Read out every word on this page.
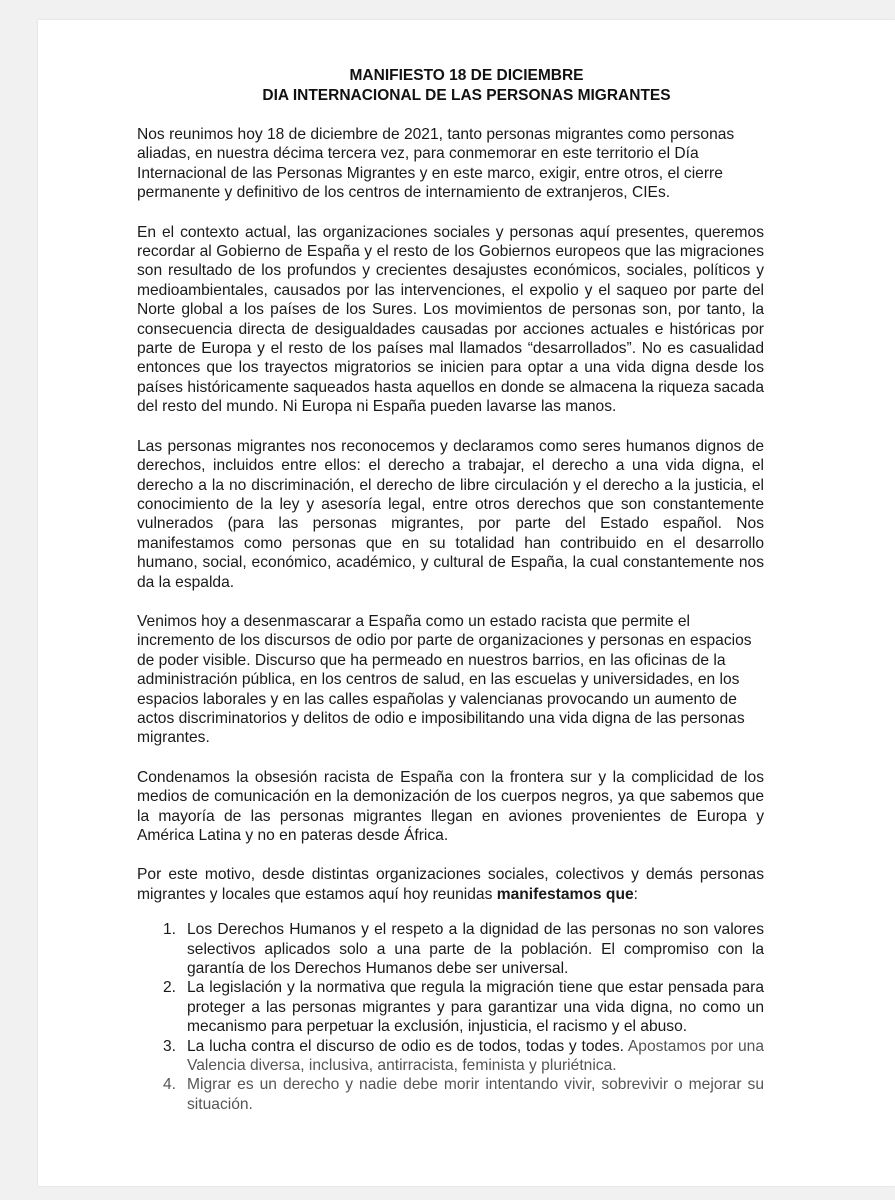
MANIFIESTO 18 DE DICIEMBRE
DIA INTERNACIONAL DE LAS PERSONAS MIGRANTES

Nos reunimos hoy 18 de diciembre de 2021, tanto personas migrantes como personas aliadas, en nuestra décima tercera vez, para conmemorar en este territorio el Día Internacional de las Personas Migrantes y en este marco, exigir, entre otros, el cierre permanente y definitivo de los centros de internamiento de extranjeros, CIEs.

En el contexto actual, las organizaciones sociales y personas aquí presentes, queremos recordar al Gobierno de España y el resto de los Gobiernos europeos que las migraciones son resultado de los profundos y crecientes desajustes económicos, sociales, políticos y medioambientales, causados por las intervenciones, el expolio y el saqueo por parte del Norte global a los países de los Sures. Los movimientos de personas son, por tanto, la consecuencia directa de desigualdades causadas por acciones actuales e históricas por parte de Europa y el resto de los países mal llamados “desarrollados”. No es casualidad entonces que los trayectos migratorios se inicien para optar a una vida digna desde los países históricamente saqueados hasta aquellos en donde se almacena la riqueza sacada del resto del mundo. Ni Europa ni España pueden lavarse las manos.

Las personas migrantes nos reconocemos y declaramos como seres humanos dignos de derechos, incluidos entre ellos: el derecho a trabajar, el derecho a una vida digna, el derecho a la no discriminación, el derecho de libre circulación y el derecho a la justicia, el conocimiento de la ley y asesoría legal, entre otros derechos que son constantemente vulnerados (para las personas migrantes, por parte del Estado español. Nos manifestamos como personas que en su totalidad han contribuido en el desarrollo humano, social, económico, académico, y cultural de España, la cual constantemente nos da la espalda.

Venimos hoy a desenmascarar a España como un estado racista que permite el incremento de los discursos de odio por parte de organizaciones y personas en espacios de poder visible. Discurso que ha permeado en nuestros barrios, en las oficinas de la administración pública, en los centros de salud, en las escuelas y universidades, en los espacios laborales y en las calles españolas y valencianas provocando un aumento de actos discriminatorios y delitos de odio e imposibilitando una vida digna de las personas migrantes.

Condenamos la obsesión racista de España con la frontera sur y la complicidad de los medios de comunicación en la demonización de los cuerpos negros, ya que sabemos que la mayoría de las personas migrantes llegan en aviones provenientes de Europa y América Latina y no en pateras desde África.

Por este motivo, desde distintas organizaciones sociales, colectivos y demás personas migrantes y locales que estamos aquí hoy reunidas manifestamos que:

1. Los Derechos Humanos y el respeto a la dignidad de las personas no son valores selectivos aplicados solo a una parte de la población. El compromiso con la garantía de los Derechos Humanos debe ser universal.
2. La legislación y la normativa que regula la migración tiene que estar pensada para proteger a las personas migrantes y para garantizar una vida digna, no como un mecanismo para perpetuar la exclusión, injusticia, el racismo y el abuso.
3. La lucha contra el discurso de odio es de todos, todas y todes. Apostamos por una Valencia diversa, inclusiva, antirracista, feminista y pluriétnica.
4. Migrar es un derecho y nadie debe morir intentando vivir, sobrevivir o mejorar su situación.
